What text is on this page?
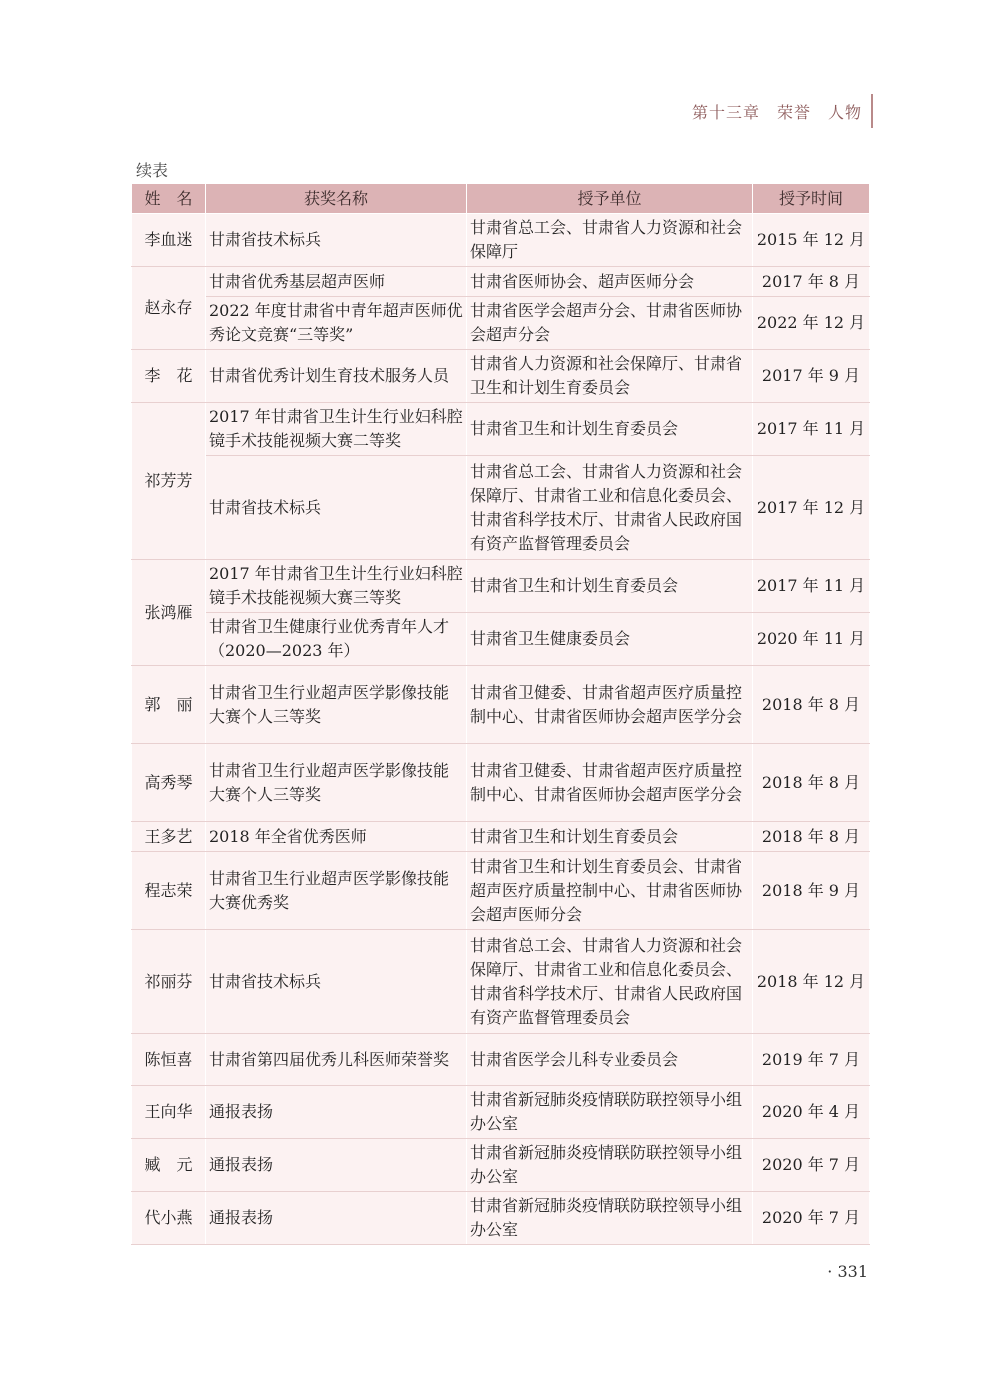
第十三章　荣誉　人物
续表
姓　名	获奖名称	授予单位	授予时间
李血迷	甘肃省技术标兵	甘肃省总工会、甘肃省人力资源和社会保障厅	2015 年 12 月
赵永存	甘肃省优秀基层超声医师	甘肃省医师协会、超声医师分会	2017 年 8 月
	2022 年度甘肃省中青年超声医师优秀论文竞赛“三等奖”	甘肃省医学会超声分会、甘肃省医师协会超声分会	2022 年 12 月
李　花	甘肃省优秀计划生育技术服务人员	甘肃省人力资源和社会保障厅、甘肃省卫生和计划生育委员会	2017 年 9 月
祁芳芳	2017 年甘肃省卫生计生行业妇科腔镜手术技能视频大赛二等奖	甘肃省卫生和计划生育委员会	2017 年 11 月
	甘肃省技术标兵	甘肃省总工会、甘肃省人力资源和社会保障厅、甘肃省工业和信息化委员会、甘肃省科学技术厅、甘肃省人民政府国有资产监督管理委员会	2017 年 12 月
张鸿雁	2017 年甘肃省卫生计生行业妇科腔镜手术技能视频大赛三等奖	甘肃省卫生和计划生育委员会	2017 年 11 月
	甘肃省卫生健康行业优秀青年人才（2020—2023 年）	甘肃省卫生健康委员会	2020 年 11 月
郭　丽	甘肃省卫生行业超声医学影像技能大赛个人三等奖	甘肃省卫健委、甘肃省超声医疗质量控制中心、甘肃省医师协会超声医学分会	2018 年 8 月
高秀琴	甘肃省卫生行业超声医学影像技能大赛个人三等奖	甘肃省卫健委、甘肃省超声医疗质量控制中心、甘肃省医师协会超声医学分会	2018 年 8 月
王多艺	2018 年全省优秀医师	甘肃省卫生和计划生育委员会	2018 年 8 月
程志荣	甘肃省卫生行业超声医学影像技能大赛优秀奖	甘肃省卫生和计划生育委员会、甘肃省超声医疗质量控制中心、甘肃省医师协会超声医师分会	2018 年 9 月
祁丽芬	甘肃省技术标兵	甘肃省总工会、甘肃省人力资源和社会保障厅、甘肃省工业和信息化委员会、甘肃省科学技术厅、甘肃省人民政府国有资产监督管理委员会	2018 年 12 月
陈恒喜	甘肃省第四届优秀儿科医师荣誉奖	甘肃省医学会儿科专业委员会	2019 年 7 月
王向华	通报表扬	甘肃省新冠肺炎疫情联防联控领导小组办公室	2020 年 4 月
臧　元	通报表扬	甘肃省新冠肺炎疫情联防联控领导小组办公室	2020 年 7 月
代小燕	通报表扬	甘肃省新冠肺炎疫情联防联控领导小组办公室	2020 年 7 月
· 331
